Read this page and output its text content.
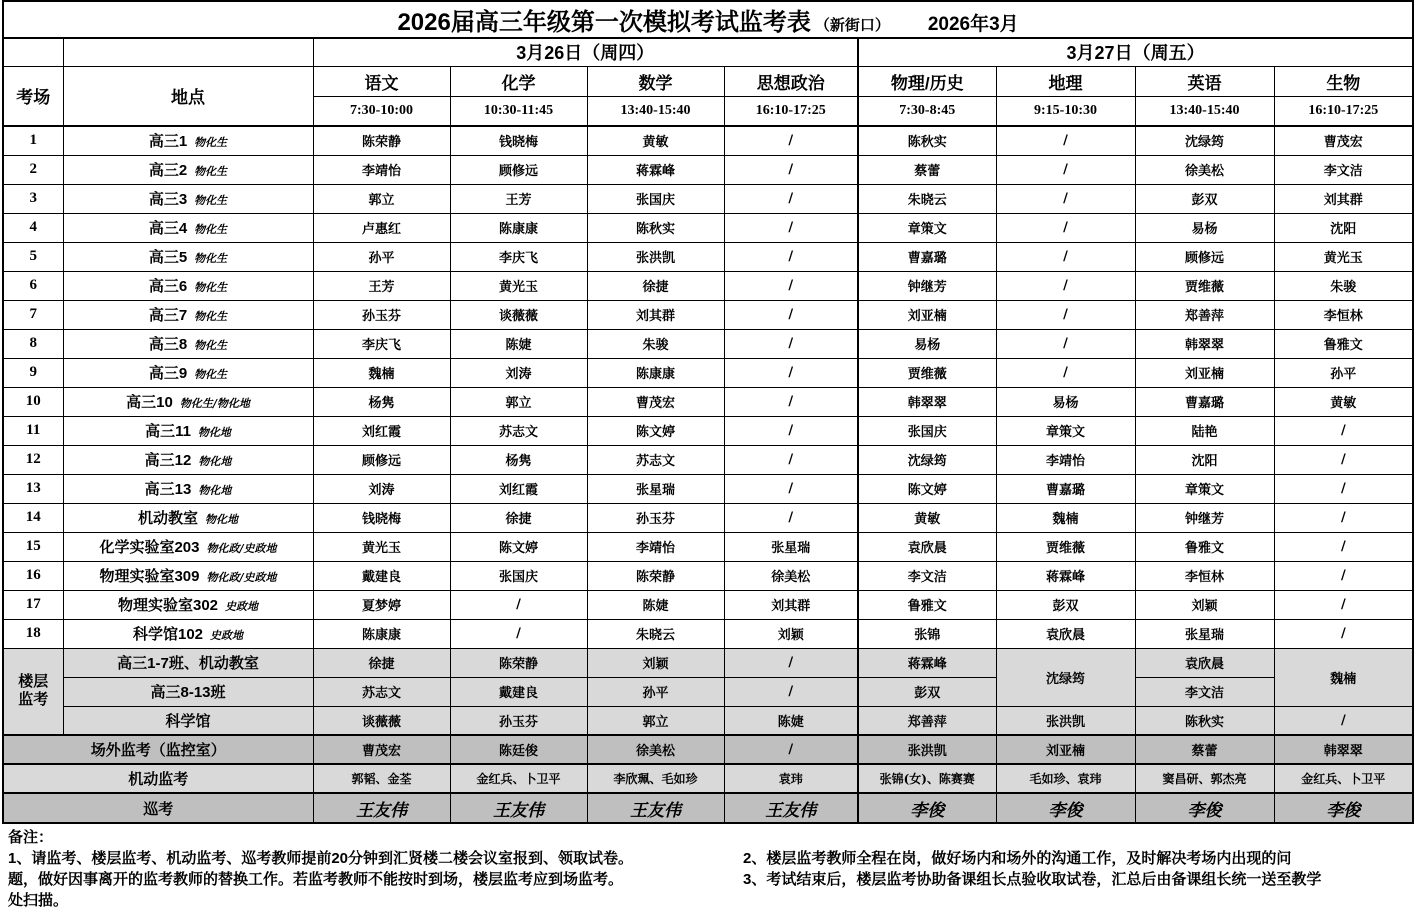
2026届高三年级第一次模拟考试监考表 （新街口） 2026年3月									
		3月26日（周四）				3月27日（周五）			
考场	地点	语文	化学	数学	思想政治	物理/历史	地理	英语	生物
		7:30-10:00	10:30-11:45	13:40-15:40	16:10-17:25	7:30-8:45	9:15-10:30	13:40-15:40	16:10-17:25
1	高三1 物化生	陈荣静	钱晓梅	黄敏	/	陈秋实	/	沈绿筠	曹茂宏
2	高三2 物化生	李靖怡	顾修远	蒋霖峰	/	蔡蕾	/	徐美松	李文洁
3	高三3 物化生	郭立	王芳	张国庆	/	朱晓云	/	彭双	刘其群
4	高三4 物化生	卢惠红	陈康康	陈秋实	/	章策文	/	易杨	沈阳
5	高三5 物化生	孙平	李庆飞	张洪凯	/	曹嘉璐	/	顾修远	黄光玉
6	高三6 物化生	王芳	黄光玉	徐捷	/	钟继芳	/	贾维薇	朱骏
7	高三7 物化生	孙玉芬	谈薇薇	刘其群	/	刘亚楠	/	郑善萍	李恒林
8	高三8 物化生	李庆飞	陈婕	朱骏	/	易杨	/	韩翠翠	鲁雅文
9	高三9 物化生	魏楠	刘涛	陈康康	/	贾维薇	/	刘亚楠	孙平
10	高三10 物化生/物化地	杨隽	郭立	曹茂宏	/	韩翠翠	易杨	曹嘉璐	黄敏
11	高三11 物化地	刘红霞	苏志文	陈文婷	/	张国庆	章策文	陆艳	/
12	高三12 物化地	顾修远	杨隽	苏志文	/	沈绿筠	李靖怡	沈阳	/
13	高三13 物化地	刘涛	刘红霞	张星瑞	/	陈文婷	曹嘉璐	章策文	/
14	机动教室 物化地	钱晓梅	徐捷	孙玉芬	/	黄敏	魏楠	钟继芳	/
15	化学实验室203 物化政/史政地	黄光玉	陈文婷	李靖怡	张星瑞	袁欣晨	贾维薇	鲁雅文	/
16	物理实验室309 物化政/史政地	戴建良	张国庆	陈荣静	徐美松	李文洁	蒋霖峰	李恒林	/
17	物理实验室302 史政地	夏梦婷	/	陈婕	刘其群	鲁雅文	彭双	刘颖	/
18	科学馆102 史政地	陈康康	/	朱晓云	刘颖	张锦	袁欣晨	张星瑞	/
楼层
监考	高三1-7班、机动教室	徐捷	陈荣静	刘颖	/	蒋霖峰	沈绿筠	袁欣晨	魏楠
	高三8-13班	苏志文	戴建良	孙平	/	彭双		李文洁	
	科学馆	谈薇薇	孙玉芬	郭立	陈婕	郑善萍	张洪凯	陈秋实	/
场外监考（监控室）		曹茂宏	陈廷俊	徐美松	/	张洪凯	刘亚楠	蔡蕾	韩翠翠
机动监考		郭韬、金荃	金红兵、卜卫平	李欣珮、毛如珍	袁玮	张锦(女)、陈赛赛	毛如珍、袁玮	窦昌研、郭杰亮	金红兵、卜卫平
巡考		王友伟	王友伟	王友伟	王友伟	李俊	李俊	李俊	李俊
备注：
1、请监考、楼层监考、机动监考、巡考教师提前20分钟到汇贤楼二楼会议室报到、领取试卷。
题，做好因事离开的监考教师的替换工作。若监考教师不能按时到场，楼层监考应到场监考。
处扫描。
2、楼层监考教师全程在岗，做好场内和场外的沟通工作，及时解决考场内出现的问
3、考试结束后，楼层监考协助备课组长点验收取试卷，汇总后由备课组长统一送至教学
